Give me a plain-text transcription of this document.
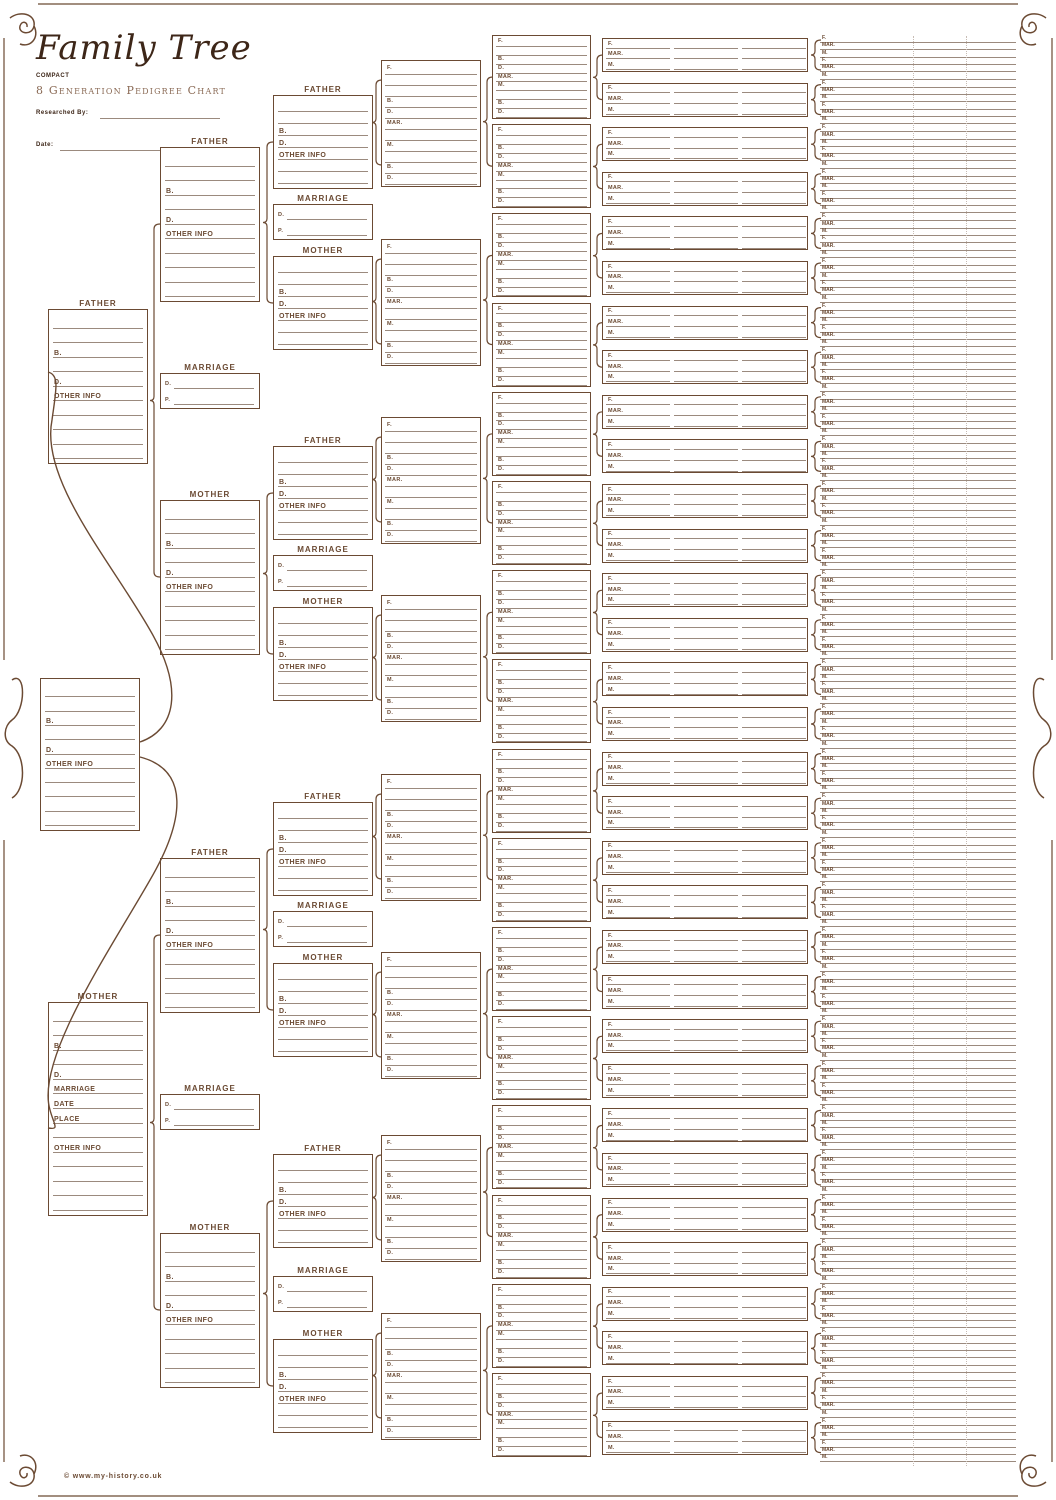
Family Tree
COMPACT
8 Generation Pedigree Chart
Researched By:
Date:
B.
D.
OTHER INFO
FATHER
B.
D.
OTHER INFO
MOTHER
B.
D.
MARRIAGE
DATE
PLACE
OTHER INFO
FATHER
B.
D.
OTHER INFO
MOTHER
B.
D.
OTHER INFO
FATHER
B.
D.
OTHER INFO
MOTHER
B.
D.
OTHER INFO
MARRIAGE
D.
P.
MARRIAGE
D.
P.
FATHER
B.
D.
OTHER INFO
MOTHER
B.
D.
OTHER INFO
FATHER
B.
D.
OTHER INFO
MOTHER
B.
D.
OTHER INFO
FATHER
B.
D.
OTHER INFO
MOTHER
B.
D.
OTHER INFO
FATHER
B.
D.
OTHER INFO
MOTHER
B.
D.
OTHER INFO
MARRIAGE
D.
P.
MARRIAGE
D.
P.
MARRIAGE
D.
P.
MARRIAGE
D.
P.
F.
B.
D.
MAR.
M.
B.
D.
F.
B.
D.
MAR.
M.
B.
D.
F.
B.
D.
MAR.
M.
B.
D.
F.
B.
D.
MAR.
M.
B.
D.
F.
B.
D.
MAR.
M.
B.
D.
F.
B.
D.
MAR.
M.
B.
D.
F.
B.
D.
MAR.
M.
B.
D.
F.
B.
D.
MAR.
M.
B.
D.
F.
B.
D.
MAR.
M.
B.
D.
F.
B.
D.
MAR.
M.
B.
D.
F.
B.
D.
MAR.
M.
B.
D.
F.
B.
D.
MAR.
M.
B.
D.
F.
B.
D.
MAR.
M.
B.
D.
F.
B.
D.
MAR.
M.
B.
D.
F.
B.
D.
MAR.
M.
B.
D.
F.
B.
D.
MAR.
M.
B.
D.
F.
B.
D.
MAR.
M.
B.
D.
F.
B.
D.
MAR.
M.
B.
D.
F.
B.
D.
MAR.
M.
B.
D.
F.
B.
D.
MAR.
M.
B.
D.
F.
B.
D.
MAR.
M.
B.
D.
F.
B.
D.
MAR.
M.
B.
D.
F.
B.
D.
MAR.
M.
B.
D.
F.
B.
D.
MAR.
M.
B.
D.
F.
MAR.
M.
F.
MAR.
M.
F.
MAR.
M.
F.
MAR.
M.
F.
MAR.
M.
F.
MAR.
M.
F.
MAR.
M.
F.
MAR.
M.
F.
MAR.
M.
F.
MAR.
M.
F.
MAR.
M.
F.
MAR.
M.
F.
MAR.
M.
F.
MAR.
M.
F.
MAR.
M.
F.
MAR.
M.
F.
MAR.
M.
F.
MAR.
M.
F.
MAR.
M.
F.
MAR.
M.
F.
MAR.
M.
F.
MAR.
M.
F.
MAR.
M.
F.
MAR.
M.
F.
MAR.
M.
F.
MAR.
M.
F.
MAR.
M.
F.
MAR.
M.
F.
MAR.
M.
F.
MAR.
M.
F.
MAR.
M.
F.
MAR.
M.
F.
MAR.
M.
F.
MAR.
M.
F.
MAR.
M.
F.
MAR.
M.
F.
MAR.
M.
F.
MAR.
M.
F.
MAR.
M.
F.
MAR.
M.
F.
MAR.
M.
F.
MAR.
M.
F.
MAR.
M.
F.
MAR.
M.
F.
MAR.
M.
F.
MAR.
M.
F.
MAR.
M.
F.
MAR.
M.
F.
MAR.
M.
F.
MAR.
M.
F.
MAR.
M.
F.
MAR.
M.
F.
MAR.
M.
F.
MAR.
M.
F.
MAR.
M.
F.
MAR.
M.
F.
MAR.
M.
F.
MAR.
M.
F.
MAR.
M.
F.
MAR.
M.
F.
MAR.
M.
F.
MAR.
M.
F.
MAR.
M.
F.
MAR.
M.
F.
MAR.
M.
F.
MAR.
M.
F.
MAR.
M.
F.
MAR.
M.
F.
MAR.
M.
F.
MAR.
M.
F.
MAR.
M.
F.
MAR.
M.
F.
MAR.
M.
F.
MAR.
M.
F.
MAR.
M.
F.
MAR.
M.
F.
MAR.
M.
F.
MAR.
M.
F.
MAR.
M.
F.
MAR.
M.
F.
MAR.
M.
F.
MAR.
M.
F.
MAR.
M.
F.
MAR.
M.
F.
MAR.
M.
F.
MAR.
M.
F.
MAR.
M.
F.
MAR.
M.
F.
MAR.
M.
F.
MAR.
M.
F.
MAR.
M.
F.
MAR.
M.
F.
MAR.
M.
F.
MAR.
M.
F.
MAR.
M.
F.
MAR.
M.
© www.my-history.co.uk
